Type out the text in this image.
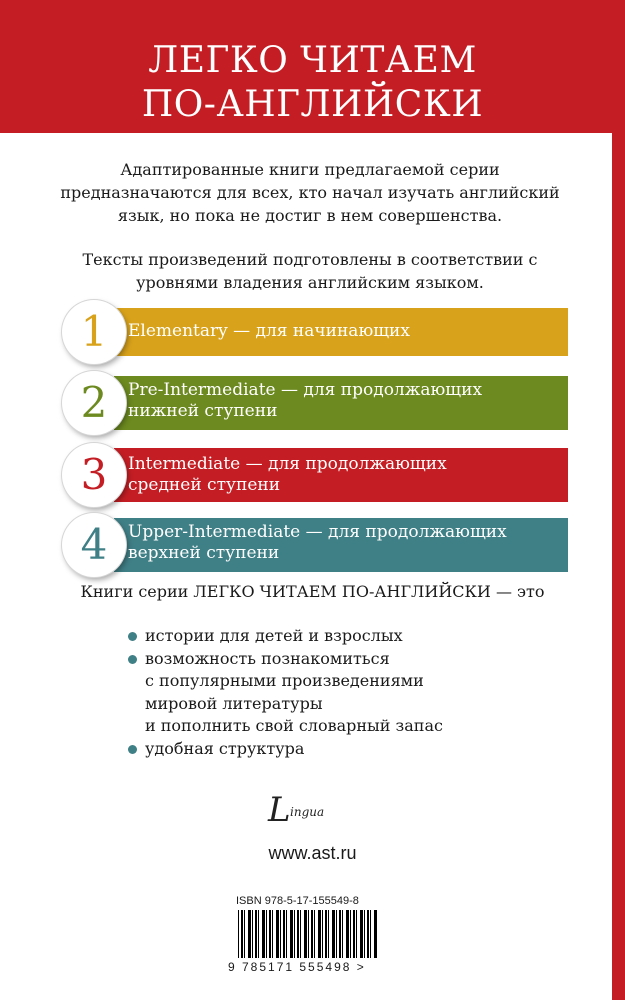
ЛЕГКО ЧИТАЕМ
ПО-АНГЛИЙСКИ

Адаптированные книги предлагаемой серии предназначаются для всех, кто начал изучать английский язык, но пока не достиг в нем совершенства.

Тексты произведений подготовлены в соответствии с уровнями владения английским языком.

1	Elementary — для начинающих
2	Pre-Intermediate — для продолжающих
нижней ступени
3	Intermediate — для продолжающих
средней ступени
4	Upper-Intermediate — для продолжающих
верхней ступени
Книги серии ЛЕГКО ЧИТАЕМ ПО-АНГЛИЙСКИ — это
истории для детей и взрослых
возможность познакомиться
с популярными произведениями
мировой литературы
и пополнить свой словарный запас
удобная структура
L ingua
www.ast.ru
ISBN 978-5-17-155549-8
9 785171 555498 >
